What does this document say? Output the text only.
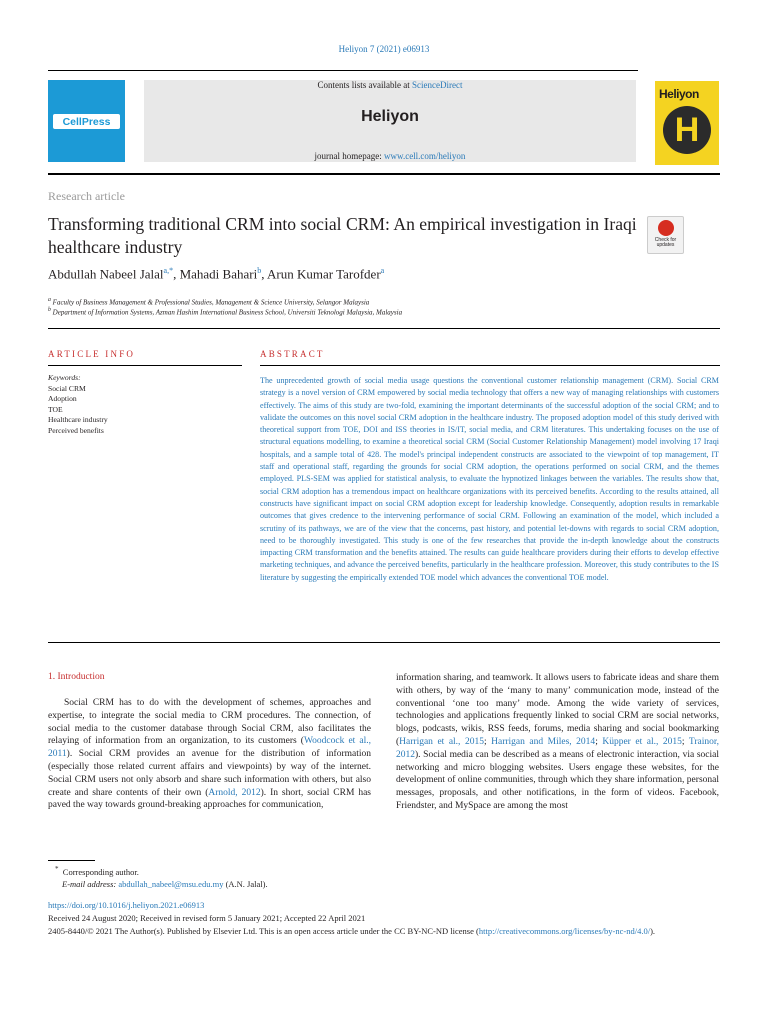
Heliyon 7 (2021) e06913
CellPress
Contents lists available at ScienceDirect
Heliyon
journal homepage: www.cell.com/heliyon
Heliyon
H
Research article
Transforming traditional CRM into social CRM: An empirical investigation in Iraqi healthcare industry	Check for updates
Abdullah Nabeel Jalal$^{a,*}$, Mahadi Bahari$^b$, Arun Kumar Tarofder$^a$
$^a$ Faculty of Business Management & Professional Studies, Management & Science University, Selangor Malaysia
$^b$ Department of Information Systems, Azman Hashim International Business School, Universiti Teknologi Malaysia, Malaysia
ARTICLE INFO	ABSTRACT
Keywords:
Social CRM
Adoption
TOE
Healthcare industry
Perceived benefits
The unprecedented growth of social media usage questions the conventional customer relationship management (CRM). Social CRM strategy is a novel version of CRM empowered by social media technology that offers a new way of managing relationships with customers effectively. The aims of this study are two-fold, examining the important determinants of the successful adoption of the social CRM; and to validate the outcomes on this novel social CRM adoption in the healthcare industry. The proposed adoption model of this study derived with theoretical support from TOE, DOI and ISS theories in IS/IT, social media, and CRM literatures. This undertaking focuses on the use of structural equations modelling, to examine a theoretical social CRM (Social Customer Relationship Management) model involving 17 Iraqi hospitals, and a sample total of 428. The model's principal independent constructs are associated to the viewpoint of top management, IT staff and operational staff, regarding the grounds for social CRM adoption, the operations performed on social CRM, and the themes employed. PLS-SEM was applied for statistical analysis, to evaluate the hypnotized linkages between the variables. The results show that, social CRM adoption has a tremendous impact on healthcare organizations with its perceived benefits. According to the results attained, all constructs have significant impact on social CRM adoption except for leadership knowledge. Consequently, adoption results in remarkable outcomes that gives credence to the intervening performance of social CRM. Following an examination of the model, which included a scrutiny of its pathways, we are of the view that the concerns, past history, and potential let-downs with regards to social CRM adoption, need to be thoroughly investigated. This study is one of the few researches that provide the in-depth knowledge about the constructs impacting CRM transformation and the benefits attained. The results can guide healthcare providers during their efforts to develop effective marketing techniques, and advance the perceived benefits, particularly in the healthcare profession. Moreover, this study contributes to the IS literature by suggesting the empirically extended TOE model which advances the conventional TOE model.
1. Introduction
Social CRM has to do with the development of schemes, approaches and expertise, to integrate the social media to CRM procedures. The connection, of social media to the customer database through Social CRM, also facilitates the relaying of information from an organization, to its customers (Woodcock et al., 2011). Social CRM provides an avenue for the distribution of information (especially those related current affairs and viewpoints) by way of the internet. Social CRM users not only absorb and share such information with others, but also create and share contents of their own (Arnold, 2012). In short, social CRM has paved the way towards ground-breaking approaches for communication,
information sharing, and teamwork. It allows users to fabricate ideas and share them with others, by way of the ‘many to many’ communication mode, instead of the conventional ‘one too many’ mode. Among the wide variety of services, technologies and applications frequently linked to social CRM are social networks, blogs, podcasts, wikis, RSS feeds, forums, media sharing and social bookmarking (Harrigan et al., 2015; Harrigan and Miles, 2014; Küpper et al., 2015; Trainor, 2012). Social media can be described as a means of electronic interaction, via social networking and micro blogging websites. Users engage these websites, for the development of online communities, through which they share information, personal messages, proposals, and other notifications, in the form of videos. Facebook, Friendster, and MySpace are among the most
* Corresponding author.
E-mail address: abdullah_nabeel@msu.edu.my (A.N. Jalal).
https://doi.org/10.1016/j.heliyon.2021.e06913
Received 24 August 2020; Received in revised form 5 January 2021; Accepted 22 April 2021
2405-8440/© 2021 The Author(s). Published by Elsevier Ltd. This is an open access article under the CC BY-NC-ND license (http://creativecommons.org/licenses/by-nc-nd/4.0/).
